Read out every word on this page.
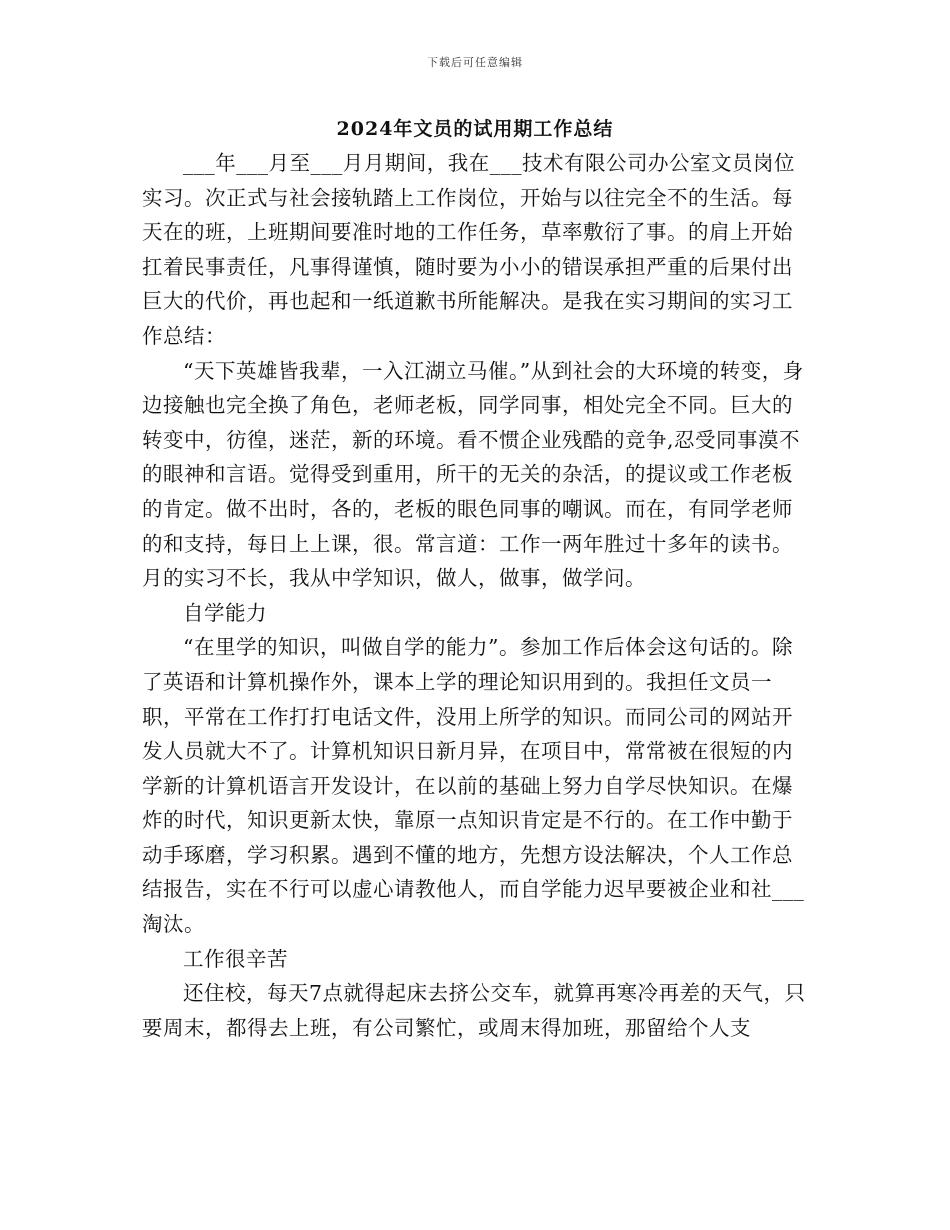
下载后可任意编辑
2024年文员的试用期工作总结

___年___月至___月月期间，我在___技术有限公司办公室文员岗位实习。次正式与社会接轨踏上工作岗位，开始与以往完全不的生活。每天在的班，上班期间要准时地的工作任务，草率敷衍了事。的肩上开始扛着民事责任，凡事得谨慎，随时要为小小的错误承担严重的后果付出巨大的代价，再也起和一纸道歉书所能解决。是我在实习期间的实习工作总结：

“天下英雄皆我辈，一入江湖立马催。”从到社会的大环境的转变，身边接触也完全换了角色，老师老板，同学同事，相处完全不同。巨大的转变中，彷徨，迷茫，新的环境。看不惯企业残酷的竞争,忍受同事漠不的眼神和言语。觉得受到重用，所干的无关的杂活，的提议或工作老板的肯定。做不出时，各的，老板的眼色同事的嘲讽。而在，有同学老师的和支持，每日上上课，很。常言道：工作一两年胜过十多年的读书。月的实习不长，我从中学知识，做人，做事，做学问。

自学能力

“在里学的知识，叫做自学的能力”。参加工作后体会这句话的。除了英语和计算机操作外，课本上学的理论知识用到的。我担任文员一职，平常在工作打打电话文件，没用上所学的知识。而同公司的网站开发人员就大不了。计算机知识日新月异，在项目中，常常被在很短的内学新的计算机语言开发设计，在以前的基础上努力自学尽快知识。在爆炸的时代，知识更新太快，靠原一点知识肯定是不行的。在工作中勤于动手琢磨，学习积累。遇到不懂的地方，先想方设法解决，个人工作总结报告，实在不行可以虚心请教他人，而自学能力迟早要被企业和社___淘汰。

工作很辛苦

还住校，每天7点就得起床去挤公交车，就算再寒冷再差的天气，只要周末，都得去上班，有公司繁忙，或周末得加班，那留给个人支
